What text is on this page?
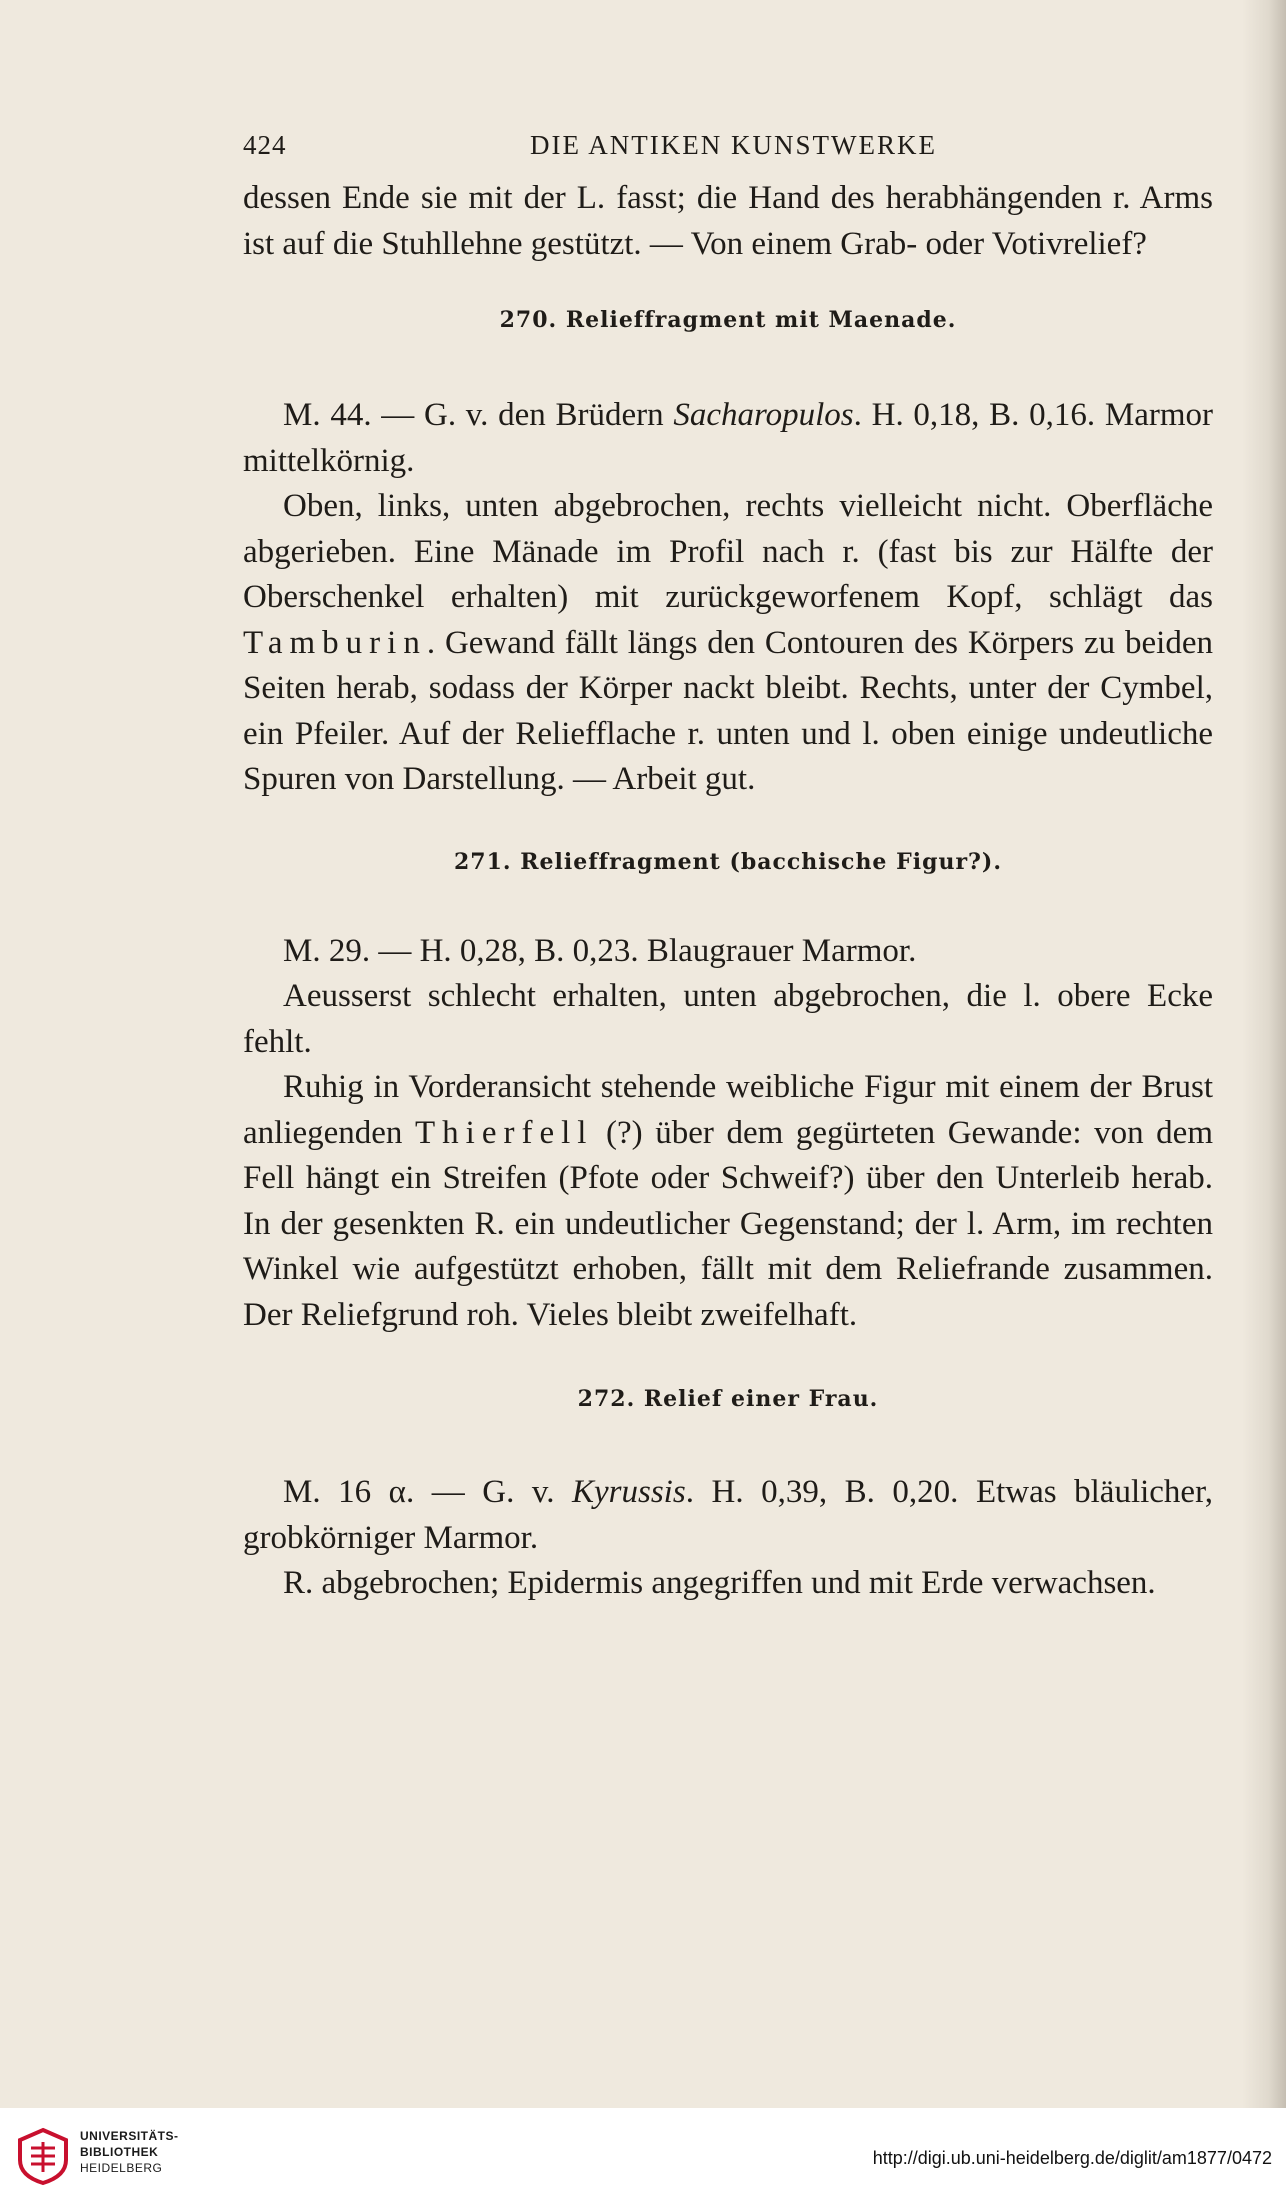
424	DIE ANTIKEN KUNSTWERKE

dessen Ende sie mit der L. fasst; die Hand des herabhängenden r. Arms ist auf die Stuhllehne gestützt. — Von einem Grab- oder Votivrelief?

270. Relieffragment mit Maenade.

M. 44. — G. v. den Brüdern Sacharopulos. H. 0,18, B. 0,16. Marmor mittelkörnig.

Oben, links, unten abgebrochen, rechts vielleicht nicht. Oberfläche abgerieben. Eine Mänade im Profil nach r. (fast bis zur Hälfte der Oberschenkel erhalten) mit zurückgeworfenem Kopf, schlägt das Tamburin. Gewand fällt längs den Contouren des Körpers zu beiden Seiten herab, sodass der Körper nackt bleibt. Rechts, unter der Cymbel, ein Pfeiler. Auf der Reliefflache r. unten und l. oben einige undeutliche Spuren von Darstellung. — Arbeit gut.

271. Relieffragment (bacchische Figur?).

M. 29. — H. 0,28, B. 0,23. Blaugrauer Marmor.

Aeusserst schlecht erhalten, unten abgebrochen, die l. obere Ecke fehlt.

Ruhig in Vorderansicht stehende weibliche Figur mit einem der Brust anliegenden Thierfell (?) über dem gegürteten Gewande: von dem Fell hängt ein Streifen (Pfote oder Schweif?) über den Unterleib herab. In der gesenkten R. ein undeutlicher Gegenstand; der l. Arm, im rechten Winkel wie aufgestützt erhoben, fällt mit dem Reliefrande zusammen. Der Reliefgrund roh. Vieles bleibt zweifelhaft.

272. Relief einer Frau.

M. 16 α. — G. v. Kyrussis. H. 0,39, B. 0,20. Etwas bläulicher, grobkörniger Marmor.

R. abgebrochen; Epidermis angegriffen und mit Erde verwachsen.

UNIVERSITÄTS-
BIBLIOTHEK
HEIDELBERG	http://digi.ub.uni-heidelberg.de/diglit/am1877/0472
